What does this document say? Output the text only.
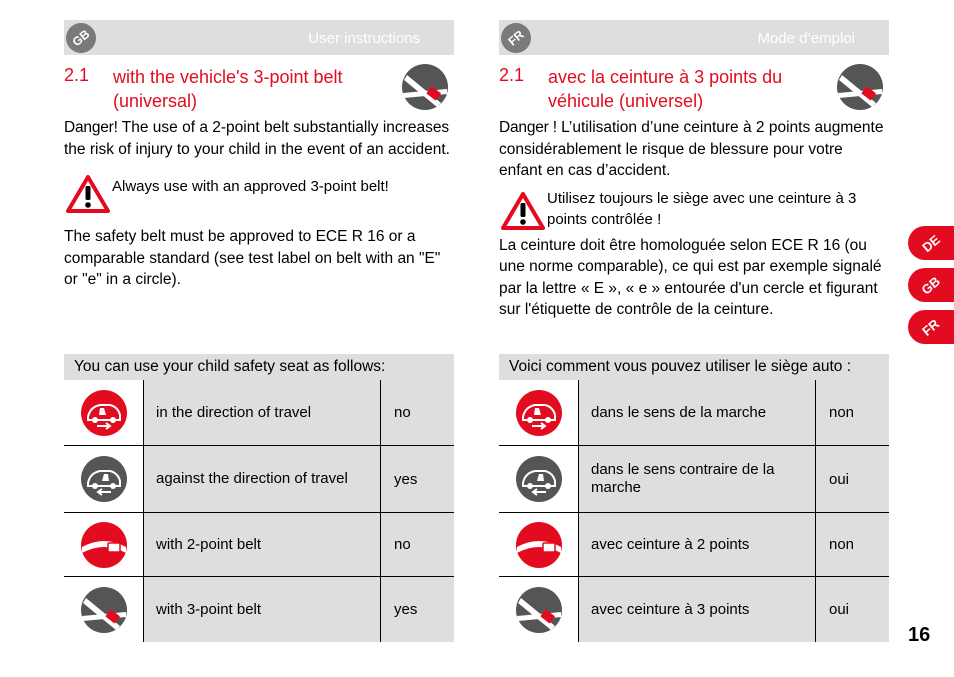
GB	User instructions
2.1 with the vehicle's 3-point belt (universal)

Danger! The use of a 2-point belt substantially increases the risk of injury to your child in the event of an accident.

Always use with an approved 3-point belt!

The safety belt must be approved to ECE R 16 or a comparable standard (see test label on belt with an "E" or "e" in a circle).

You can use your child safety seat as follows:
in the direction of travel	no
against the direction of travel	yes
with 2-point belt	no
with 3-point belt	yes
FR	Mode d’emploi
2.1 avec la ceinture à 3 points du véhicule (universel)

Danger ! L’utilisation d’une ceinture à 2 points augmente considérablement le risque de blessure pour votre enfant en cas d’accident.

Utilisez toujours le siège avec une ceinture à 3 points contrôlée !

La ceinture doit être homologuée selon ECE R 16 (ou une norme comparable), ce qui est par exemple signalé par la lettre « E », « e » entourée d'un cercle et figurant sur l'étiquette de contrôle de la ceinture.

Voici comment vous pouvez utiliser le siège auto :
dans le sens de la marche	non
dans le sens contraire de la marche	oui
avec ceinture à 2 points	non
avec ceinture à 3 points	oui
DE
GB
FR
16
